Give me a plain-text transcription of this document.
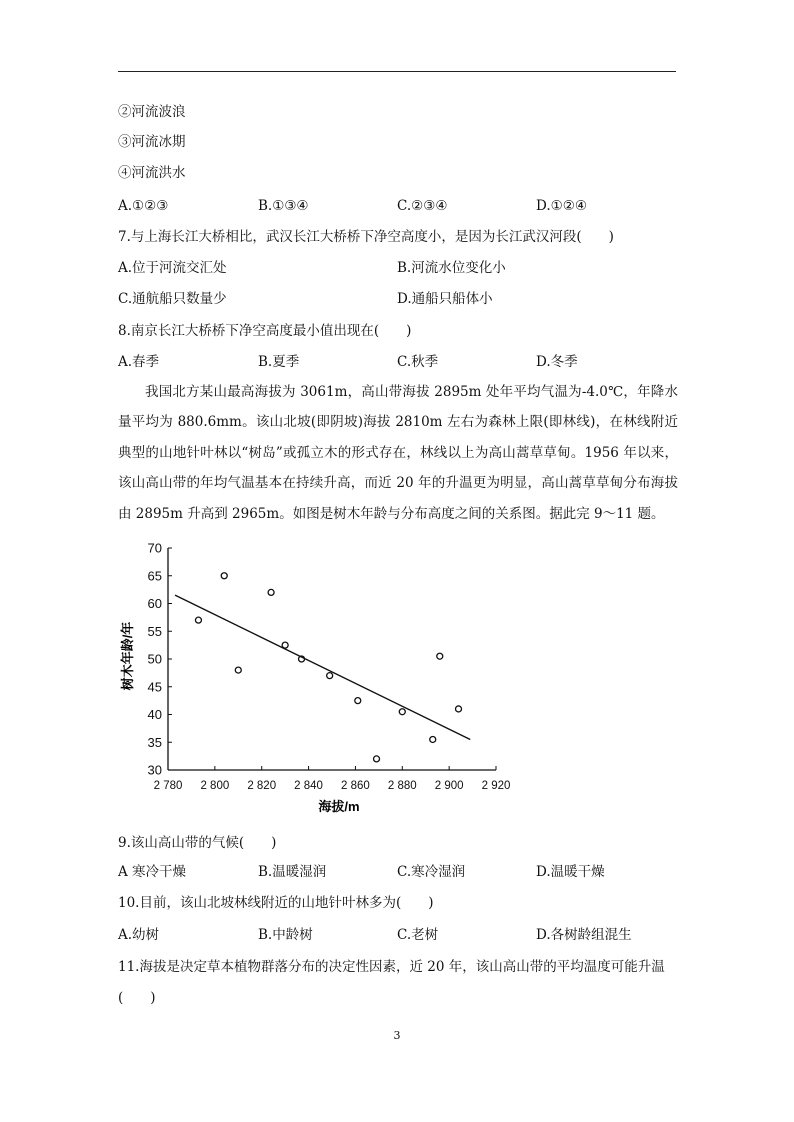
②河流波浪
③河流冰期
④河流洪水
A.①②③	B.①③④	C.②③④	D.①②④
7.与上海长江大桥相比，武汉长江大桥桥下净空高度小，是因为长江武汉河段(　　)
A.位于河流交汇处	B.河流水位变化小
C.通航船只数量少	D.通船只船体小
8.南京长江大桥桥下净空高度最小值出现在(　　)
A.春季	B.夏季	C.秋季	D.冬季
我国北方某山最高海拔为 3061m，高山带海拔 2895m 处年平均气温为-4.0℃，年降水量平均为 880.6mm。该山北坡(即阴坡)海拔 2810m 左右为森林上限(即林线)，在林线附近典型的山地针叶林以“树岛”或孤立木的形式存在，林线以上为高山蒿草草甸。1956 年以来，该山高山带的年均气温基本在持续升高，而近 20 年的升温更为明显，高山蒿草草甸分布海拔由 2895m 升高到 2965m。如图是树木年龄与分布高度之间的关系图。据此完 9～11 题。
2 780 2 800 2 820 2 840 2 860 2 880 2 900 2 920
30
35
40
45
50
55
60
65
70
海拔/m
树木年龄/年
9.该山高山带的气候(　　)
A 寒冷干燥	B.温暖湿润	C.寒冷湿润	D.温暖干燥
10.目前，该山北坡林线附近的山地针叶林多为(　　)
A.幼树	B.中龄树	C.老树	D.各树龄组混生
11.海拔是决定草本植物群落分布的决定性因素，近 20 年，该山高山带的平均温度可能升温
(　　)
3
